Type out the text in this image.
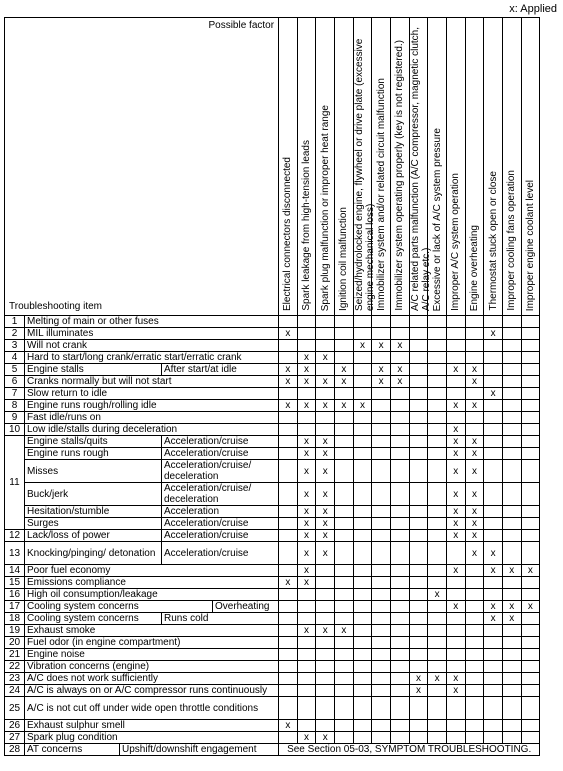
x: Applied
Possible factor
Troubleshooting item					Electrical connectors disconnected	Spark leakage from high-tension leads	Spark plug malfunction or improper heat range	Ignition coil malfunction	Seized/hydrolocked engine, flywheel or drive plate (excessive engine mechanical loss)	Immobilizer system and/or related circuit malfunction	Immobilizer system operating properly (key is not registered.)	A/C related parts malfunction (A/C compressor, magnetic clutch, A/C relay etc.)	Excessive or lack of A/C system pressure	Improper A/C system operation	Engine overheating	Thermostat stuck open or close	Improper cooling fans operation	Improper engine coolant level

1	Melting of main or other fuses																	
2	MIL illuminates				x											x		
3	Will not crank								x	x	x							
4	Hard to start/long crank/erratic start/erratic crank					x	x											
5	Engine stalls		After start/at idle		x	x		x		x	x			x	x			
6	Cranks normally but will not start				x	x	x	x		x	x				x			
7	Slow return to idle															x		
8	Engine runs rough/rolling idle				x	x	x	x	x					x	x			
9	Fast idle/runs on																	
10	Low idle/stalls during deceleration													x				
11	Engine stalls/quits		Acceleration/cruise			x	x							x	x			
	Engine runs rough		Acceleration/cruise			x	x							x	x			
	Misses		Acceleration/cruise/ deceleration			x	x							x	x			
	Buck/jerk		Acceleration/cruise/ deceleration			x	x							x	x			
	Hesitation/stumble		Acceleration			x	x							x	x			
	Surges		Acceleration/cruise			x	x							x	x			
12	Lack/loss of power		Acceleration/cruise			x	x							x	x			
13	Knocking/pinging/ detonation		Acceleration/cruise			x	x								x	x		
14	Poor fuel economy					x								x		x	x	x
15	Emissions compliance				x	x												
16	High oil consumption/leakage												x					
17	Cooling system concerns			Overheating										x		x	x	x
18	Cooling system concerns		Runs cold													x	x	
19	Exhaust smoke					x	x	x										
20	Fuel odor (in engine compartment)																	
21	Engine noise																	
22	Vibration concerns (engine)																	
23	A/C does not work sufficiently											x	x	x				
24	A/C is always on or A/C compressor runs continuously											x		x				
25	A/C is not cut off under wide open throttle conditions																	
26	Exhaust sulphur smell				x													
27	Spark plug condition					x	x											
28	AT concerns	Upshift/downshift engagement			See Section 05-03, SYMPTOM TROUBLESHOOTING.													
